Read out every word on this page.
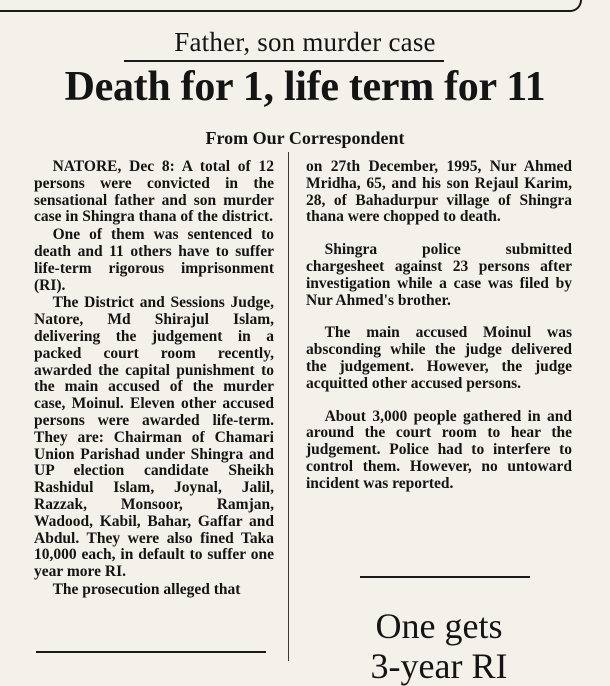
Father, son murder case
Death for 1, life term for 11
From Our Correspondent

NATORE, Dec 8: A total of 12 persons were convicted in the sensational father and son murder case in Shingra thana of the district.

One of them was sentenced to death and 11 others have to suffer life-term rigorous imprisonment (RI).

The District and Sessions Judge, Natore, Md Shirajul Islam, delivering the judgement in a packed court room recently, awarded the capital punishment to the main accused of the murder case, Moinul. Eleven other accused persons were awarded life-term. They are: Chairman of Chamari Union Parishad under Shingra and UP election candidate Sheikh Rashidul Islam, Joynal, Jalil, Razzak, Monsoor, Ramjan, Wadood, Kabil, Bahar, Gaffar and Abdul. They were also fined Taka 10,000 each, in default to suffer one year more RI.

The prosecution alleged that

on 27th December, 1995, Nur Ahmed Mridha, 65, and his son Rejaul Karim, 28, of Bahadurpur village of Shingra thana were chopped to death.

Shingra police submitted chargesheet against 23 persons after investigation while a case was filed by Nur Ahmed's brother.

The main accused Moinul was absconding while the judge delivered the judgement. However, the judge acquitted other accused persons.

About 3,000 people gathered in and around the court room to hear the judgement. Police had to interfere to control them. However, no untoward incident was reported.

One gets
3-year RI
